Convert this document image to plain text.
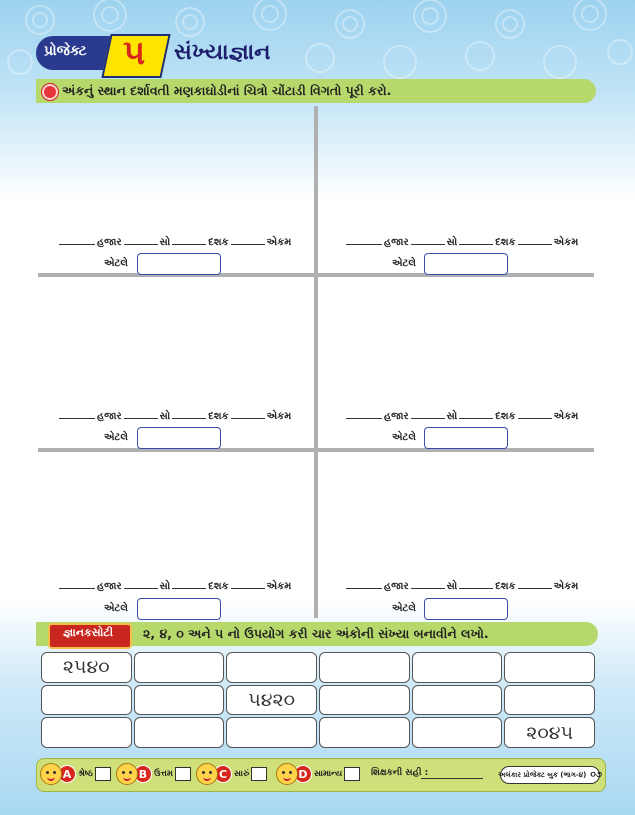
પ્રોજેક્ટ	૫	સંખ્યાજ્ઞાન
અંકનું સ્થાન દર્શાવતી મણકાઘોડીનાં ચિત્રો ચોંટાડી વિગતો પૂરી કરો.
હજાર	સો	દશક	એકમ
એટલે
હજાર	સો	દશક	એકમ
એટલે
હજાર	સો	દશક	એકમ
એટલે
હજાર	સો	દશક	એકમ
એટલે
હજાર	સો	દશક	એકમ
એટલે
હજાર	સો	દશક	એકમ
એટલે
જ્ઞાનકસોટી	૨, ૪, ૦ અને ૫ નો ઉપયોગ કરી ચાર અંકોની સંખ્યા બનાવીને લખો.
૨૫૪૦
૫૪૨૦
૨૦૪૫
A શ્રેષ્ઠ	B ઉત્તમ	C સારું	D સામાન્ય	શિક્ષકની સહી :	અલંકાર પ્રોજેક્ટ બુક (ભાગ-૪) ૦૭
